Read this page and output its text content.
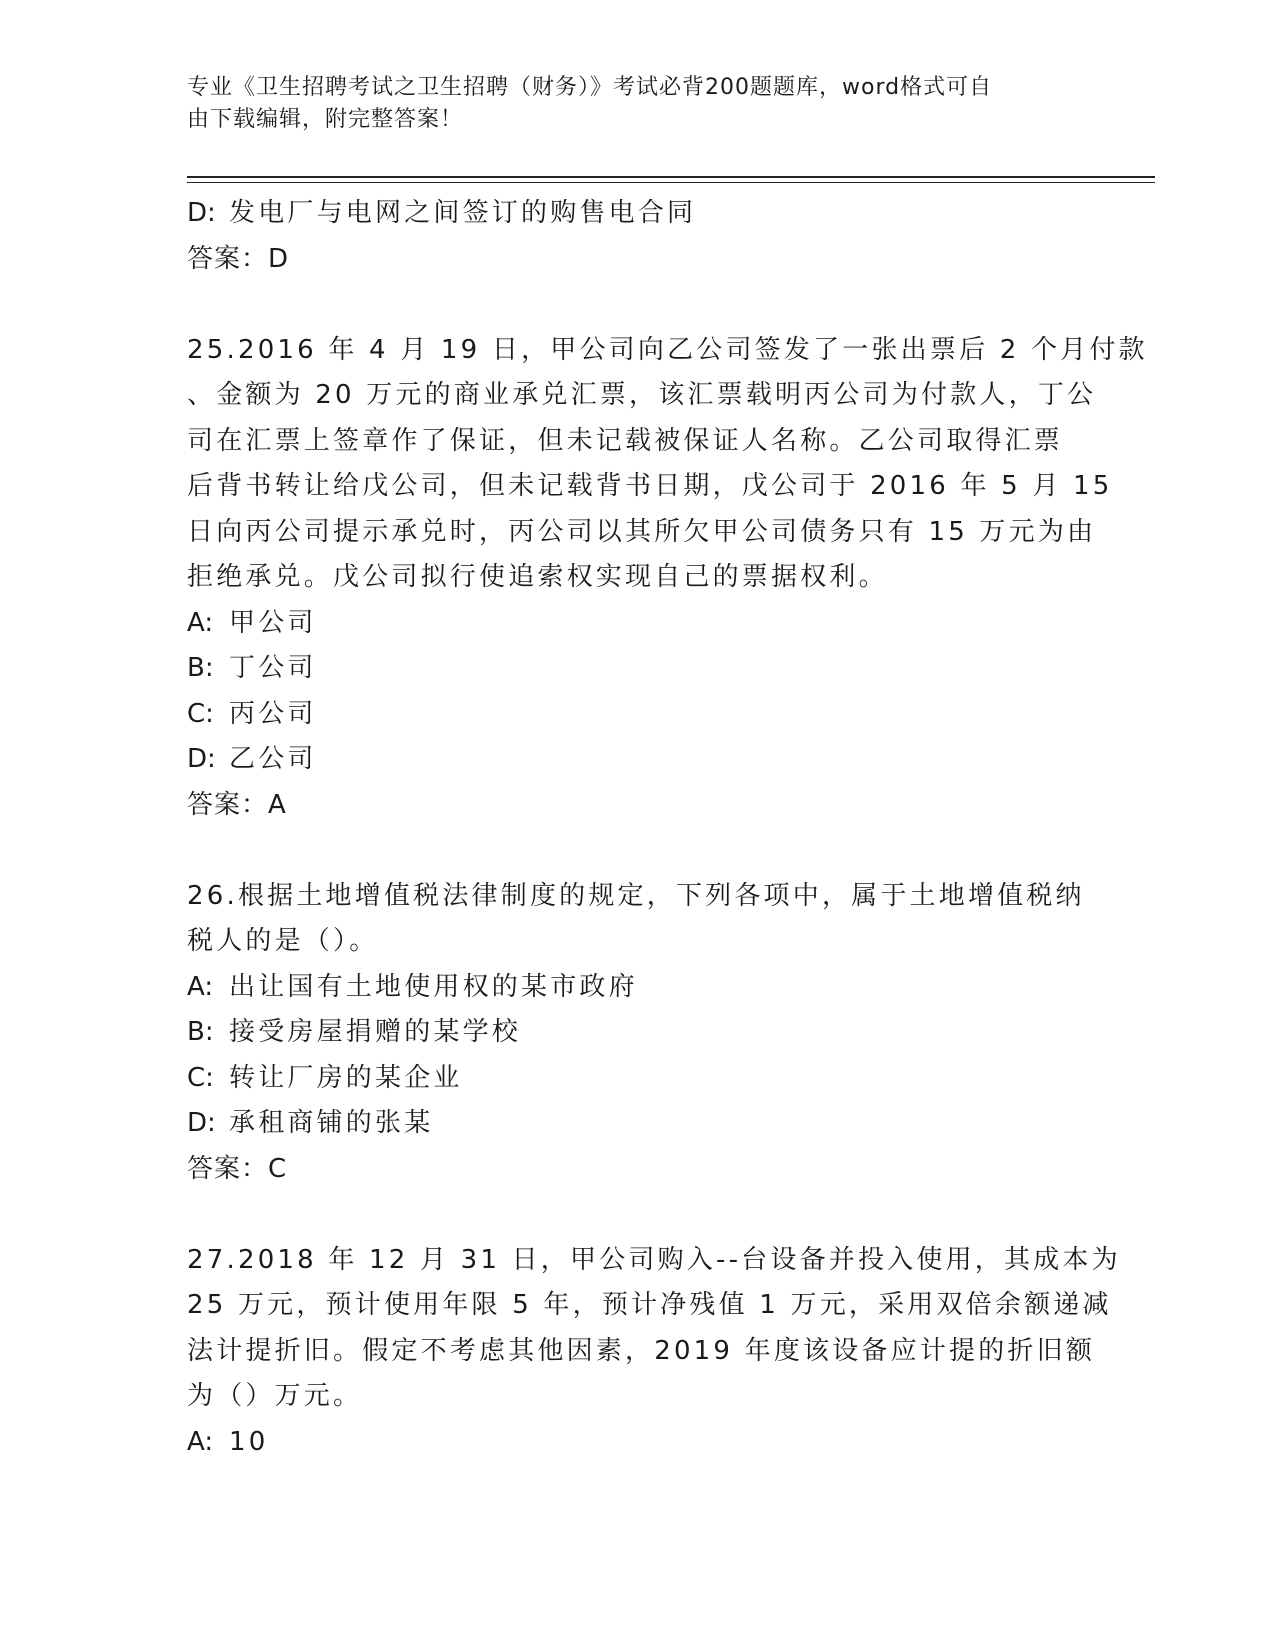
专业《卫生招聘考试之卫生招聘（财务）》考试必背200题题库，word格式可自
由下载编辑，附完整答案！
D: 发电厂与电网之间签订的购售电合同
答案：D
25.2016 年 4 月 19 日，甲公司向乙公司签发了一张出票后 2 个月付款
、金额为 20 万元的商业承兑汇票，该汇票载明丙公司为付款人，丁公
司在汇票上签章作了保证，但未记载被保证人名称。乙公司取得汇票
后背书转让给戊公司，但未记载背书日期，戊公司于 2016 年 5 月 15
日向丙公司提示承兑时，丙公司以其所欠甲公司债务只有 15 万元为由
拒绝承兑。戊公司拟行使追索权实现自己的票据权利。
A: 甲公司
B: 丁公司
C: 丙公司
D: 乙公司
答案：A
26.根据土地增值税法律制度的规定，下列各项中，属于土地增值税纳
税人的是（）。
A: 出让国有土地使用权的某市政府
B: 接受房屋捐赠的某学校
C: 转让厂房的某企业
D: 承租商铺的张某
答案：C
27.2018 年 12 月 31 日，甲公司购入--台设备并投入使用，其成本为
25 万元，预计使用年限 5 年，预计净残值 1 万元，采用双倍余额递减
法计提折旧。假定不考虑其他因素，2019 年度该设备应计提的折旧额
为（）万元。
A: 10
